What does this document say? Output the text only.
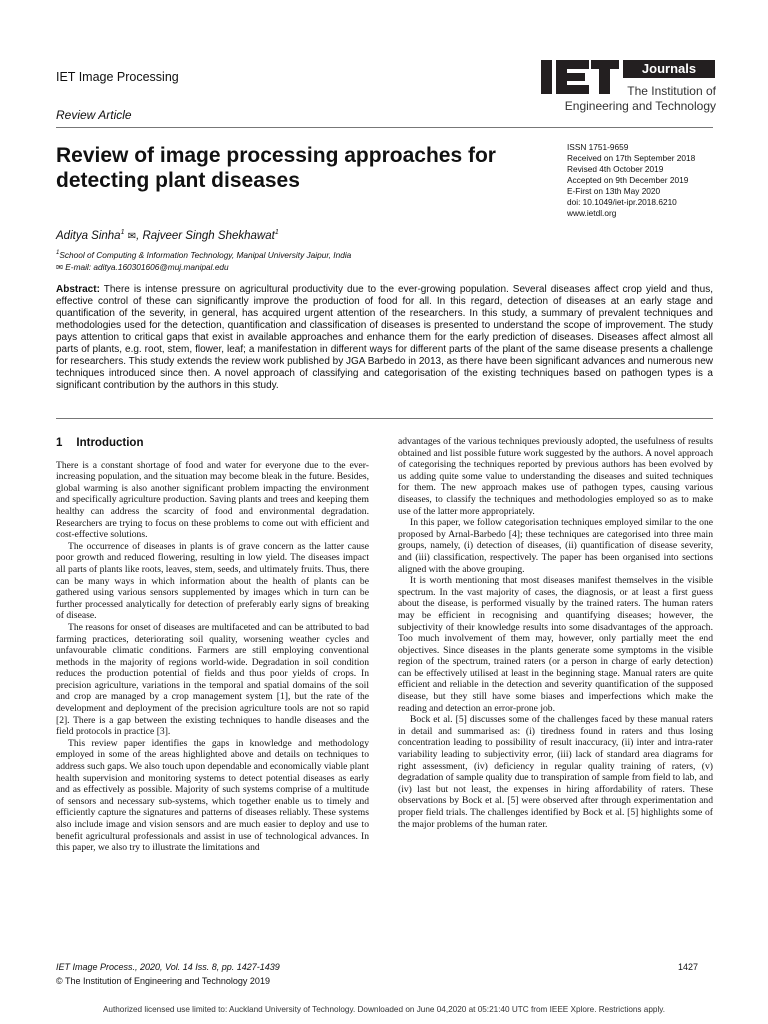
IET Image Processing
Review Article
Journals
The Institution of
Engineering and Technology
Review of image processing approaches for detecting plant diseases
ISSN 1751-9659
Received on 17th September 2018
Revised 4th October 2019
Accepted on 9th December 2019
E-First on 13th May 2020
doi: 10.1049/iet-ipr.2018.6210
www.ietdl.org
Aditya Sinha$^1$ ✉, Rajveer Singh Shekhawat$^1$
$^1$School of Computing & Information Technology, Manipal University Jaipur, India
✉ E-mail: aditya.160301606@muj.manipal.edu
Abstract: There is intense pressure on agricultural productivity due to the ever-growing population. Several diseases affect crop yield and thus, effective control of these can significantly improve the production of food for all. In this regard, detection of diseases at an early stage and quantification of the severity, in general, has acquired urgent attention of the researchers. In this study, a summary of prevalent techniques and methodologies used for the detection, quantification and classification of diseases is presented to understand the scope of improvement. The study pays attention to critical gaps that exist in available approaches and enhance them for the early prediction of diseases. Diseases affect almost all parts of plants, e.g. root, stem, flower, leaf; a manifestation in different ways for different parts of the plant of the same disease presents a challenge for researchers. This study extends the review work published by JGA Barbedo in 2013, as there have been significant advances and numerous new techniques introduced since then. A novel approach of classifying and categorisation of the existing techniques based on pathogen types is a significant contribution by the authors in this study.
1 Introduction

There is a constant shortage of food and water for everyone due to the ever-increasing population, and the situation may become bleak in the future. Besides, global warming is also another significant problem impacting the environment and specifically agriculture production. Saving plants and trees and keeping them healthy can address the scarcity of food and environmental degradation. Researchers are trying to focus on these problems to come out with efficient and cost-effective solutions.

The occurrence of diseases in plants is of grave concern as the latter cause poor growth and reduced flowering, resulting in low yield. The diseases impact all parts of plants like roots, leaves, stem, seeds, and ultimately fruits. Thus, there can be many ways in which information about the health of plants can be gathered using various sensors supplemented by images which in turn can be further processed analytically for detection of preferably early signs of breaking of disease.

The reasons for onset of diseases are multifaceted and can be attributed to bad farming practices, deteriorating soil quality, worsening weather cycles and unfavourable climatic conditions. Farmers are still employing conventional methods in the majority of regions world-wide. Degradation in soil condition reduces the production potential of fields and thus poor yields of crops. In precision agriculture, variations in the temporal and spatial domains of the soil and crop are managed by a crop management system [1], but the rate of the development and deployment of the precision agriculture tools are not so rapid [2]. There is a gap between the existing techniques to handle diseases and the field protocols in practice [3].

This review paper identifies the gaps in knowledge and methodology employed in some of the areas highlighted above and details on techniques to address such gaps. We also touch upon dependable and economically viable plant health supervision and monitoring systems to detect potential diseases as early and as effectively as possible. Majority of such systems comprise of a multitude of sensors and necessary sub-systems, which together enable us to timely and efficiently capture the signatures and patterns of diseases reliably. These systems also include image and vision sensors and are much easier to deploy and use to benefit agricultural professionals and assist in use of technological advances. In this paper, we also try to illustrate the limitations and

advantages of the various techniques previously adopted, the usefulness of results obtained and list possible future work suggested by the authors. A novel approach of categorising the techniques reported by previous authors has been evolved by us adding quite some value to understanding the diseases and suited techniques for them. The new approach makes use of pathogen types, causing various diseases, to classify the techniques and methodologies employed so as to make use of the latter more appropriately.

In this paper, we follow categorisation techniques employed similar to the one proposed by Arnal-Barbedo [4]; these techniques are categorised into three main groups, namely, (i) detection of diseases, (ii) quantification of disease severity, and (iii) classification, respectively. The paper has been organised into sections aligned with the above grouping.

It is worth mentioning that most diseases manifest themselves in the visible spectrum. In the vast majority of cases, the diagnosis, or at least a first guess about the disease, is performed visually by the trained raters. The human raters may be efficient in recognising and quantifying diseases; however, the subjectivity of their knowledge results into some disadvantages of the approach. Too much involvement of them may, however, only partially meet the end objectives. Since diseases in the plants generate some symptoms in the visible region of the spectrum, trained raters (or a person in charge of early detection) can be effectively utilised at least in the beginning stage. Manual raters are quite efficient and reliable in the detection and severity quantification of the supposed disease, but they still have some biases and imperfections which make the reading and detection an error-prone job.

Bock et al. [5] discusses some of the challenges faced by these manual raters in detail and summarised as: (i) tiredness found in raters and thus losing concentration leading to possibility of result inaccuracy, (ii) inter and intra-rater variability leading to subjectivity error, (iii) lack of standard area diagrams for right assessment, (iv) deficiency in regular quality training of raters, (v) degradation of sample quality due to transpiration of sample from field to lab, and (iv) last but not least, the expenses in hiring affordability of raters. These observations by Bock et al. [5] were observed after through experimentation and proper field trials. The challenges identified by Bock et al. [5] highlights some of the major problems of the human rater.

IET Image Process., 2020, Vol. 14 Iss. 8, pp. 1427-1439
© The Institution of Engineering and Technology 2019
1427
Authorized licensed use limited to: Auckland University of Technology. Downloaded on June 04,2020 at 05:21:40 UTC from IEEE Xplore. Restrictions apply.
